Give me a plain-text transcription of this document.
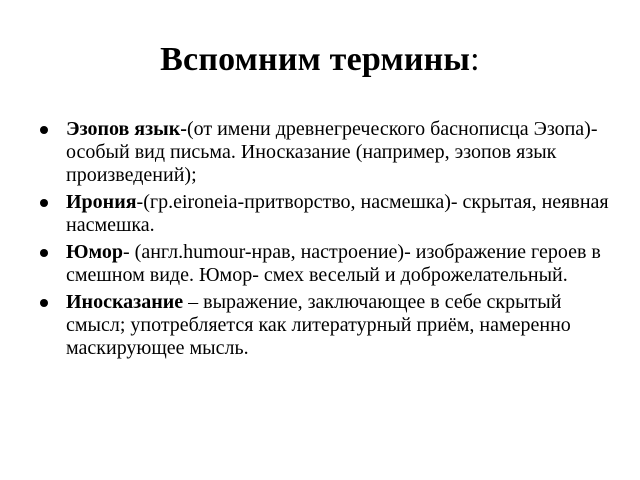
Вспомним термины:
Эзопов язык-(от имени древнегреческого баснописца Эзопа)- особый вид письма. Иносказание (например, эзопов язык произведений);
Ирония-(гр.eironeia-притворство, насмешка)- скрытая, неявная насмешка.
Юмор- (англ.humour-нрав, настроение)- изображение героев в смешном виде. Юмор- смех веселый и доброжелательный.
Иносказание – выражение, заключающее в себе скрытый смысл; употребляется как литературный приём, намеренно маскирующее мысль.
